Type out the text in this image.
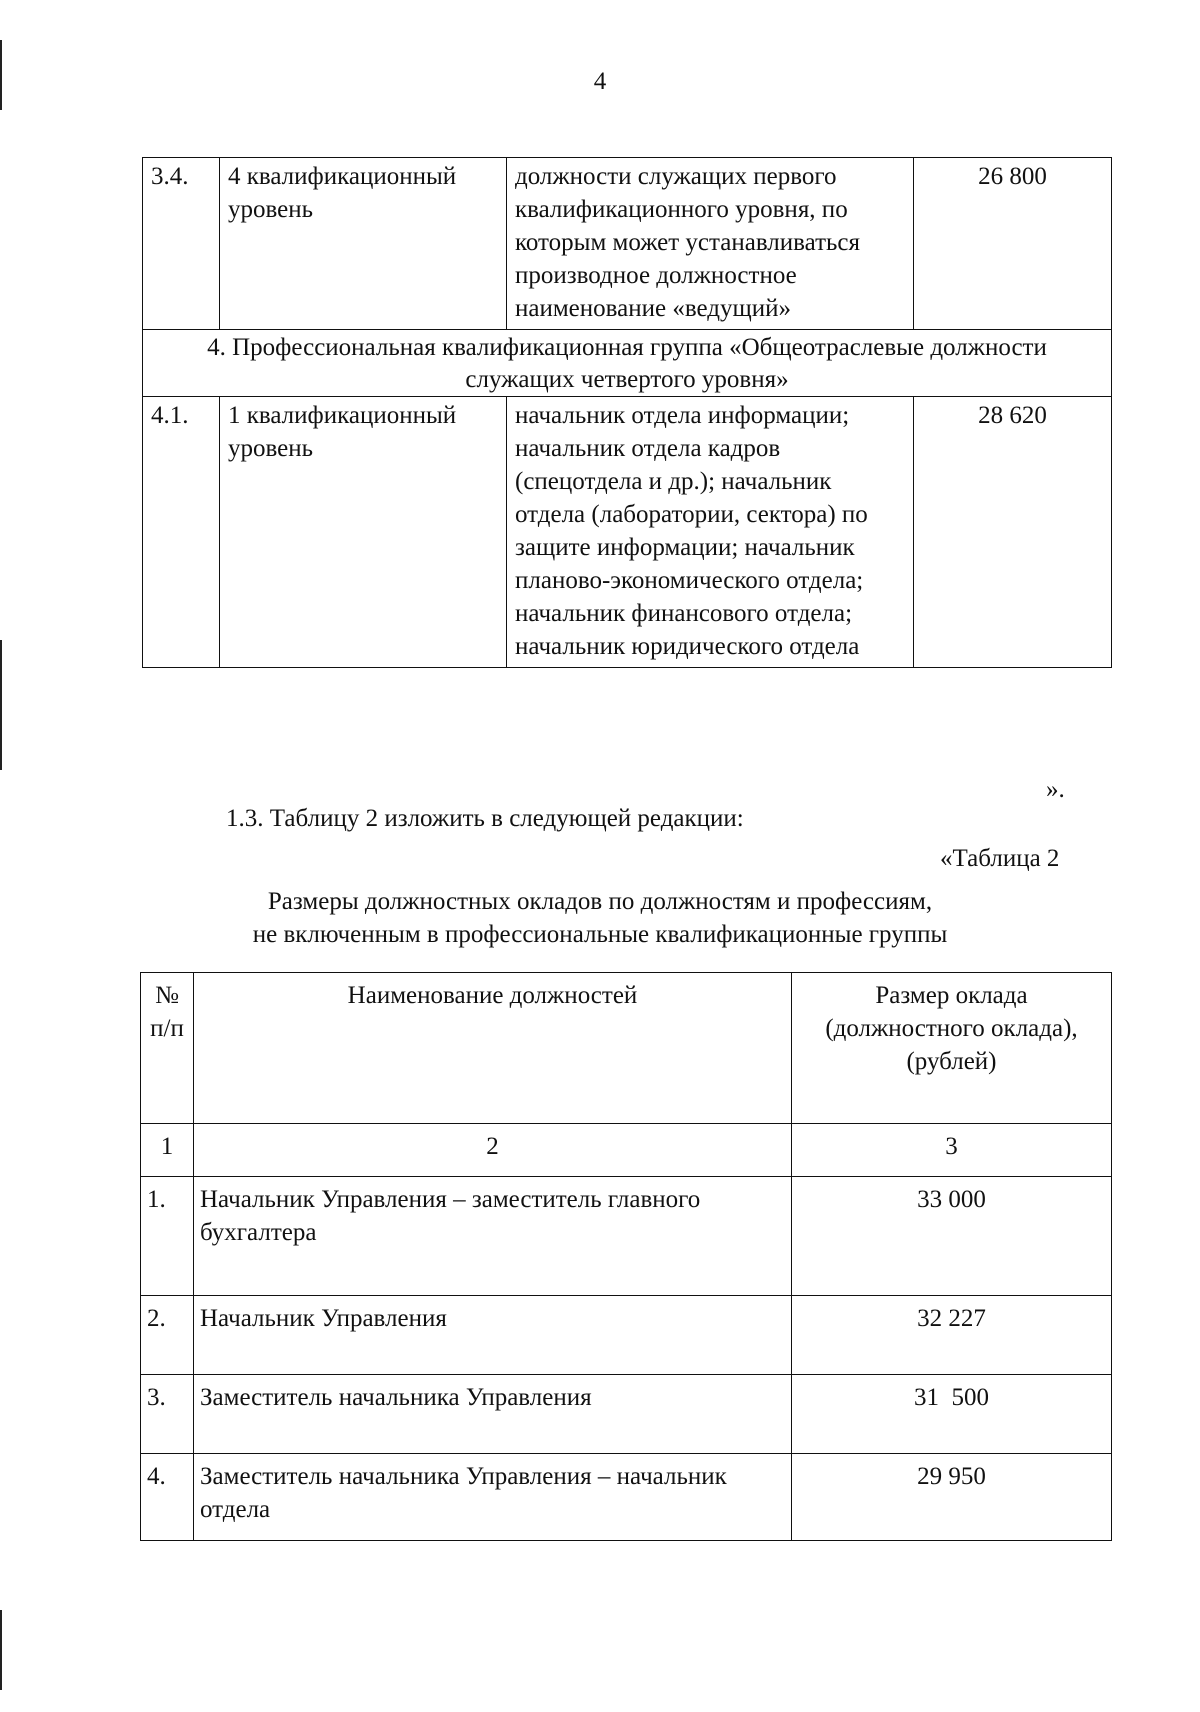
4
3.4.	4 квалификационный уровень	должности служащих первого квалификационного уровня, по которым может устанавливаться производное должностное наименование «ведущий»	26 800
4. Профессиональная квалификационная группа «Общеотраслевые должности служащих четвертого уровня»			
4.1.	1 квалификационный уровень	начальник отдела информации; начальник отдела кадров (спецотдела и др.); начальник отдела (лаборатории, сектора) по защите информации; начальник планово-экономического отдела; начальник финансового отдела; начальник юридического отдела	28 620
».
1.3. Таблицу 2 изложить в следующей редакции:
«Таблица 2
Размеры должностных окладов по должностям и профессиям,
не включенным в профессиональные квалификационные группы
№ п/п	Наименование должностей	Размер оклада (должностного оклада), (рублей)
1	2	3
1.	Начальник Управления – заместитель главного бухгалтера	33 000
2.	Начальник Управления	32 227
3.	Заместитель начальника Управления	31  500
4.	Заместитель начальника Управления – начальник отдела	29 950
